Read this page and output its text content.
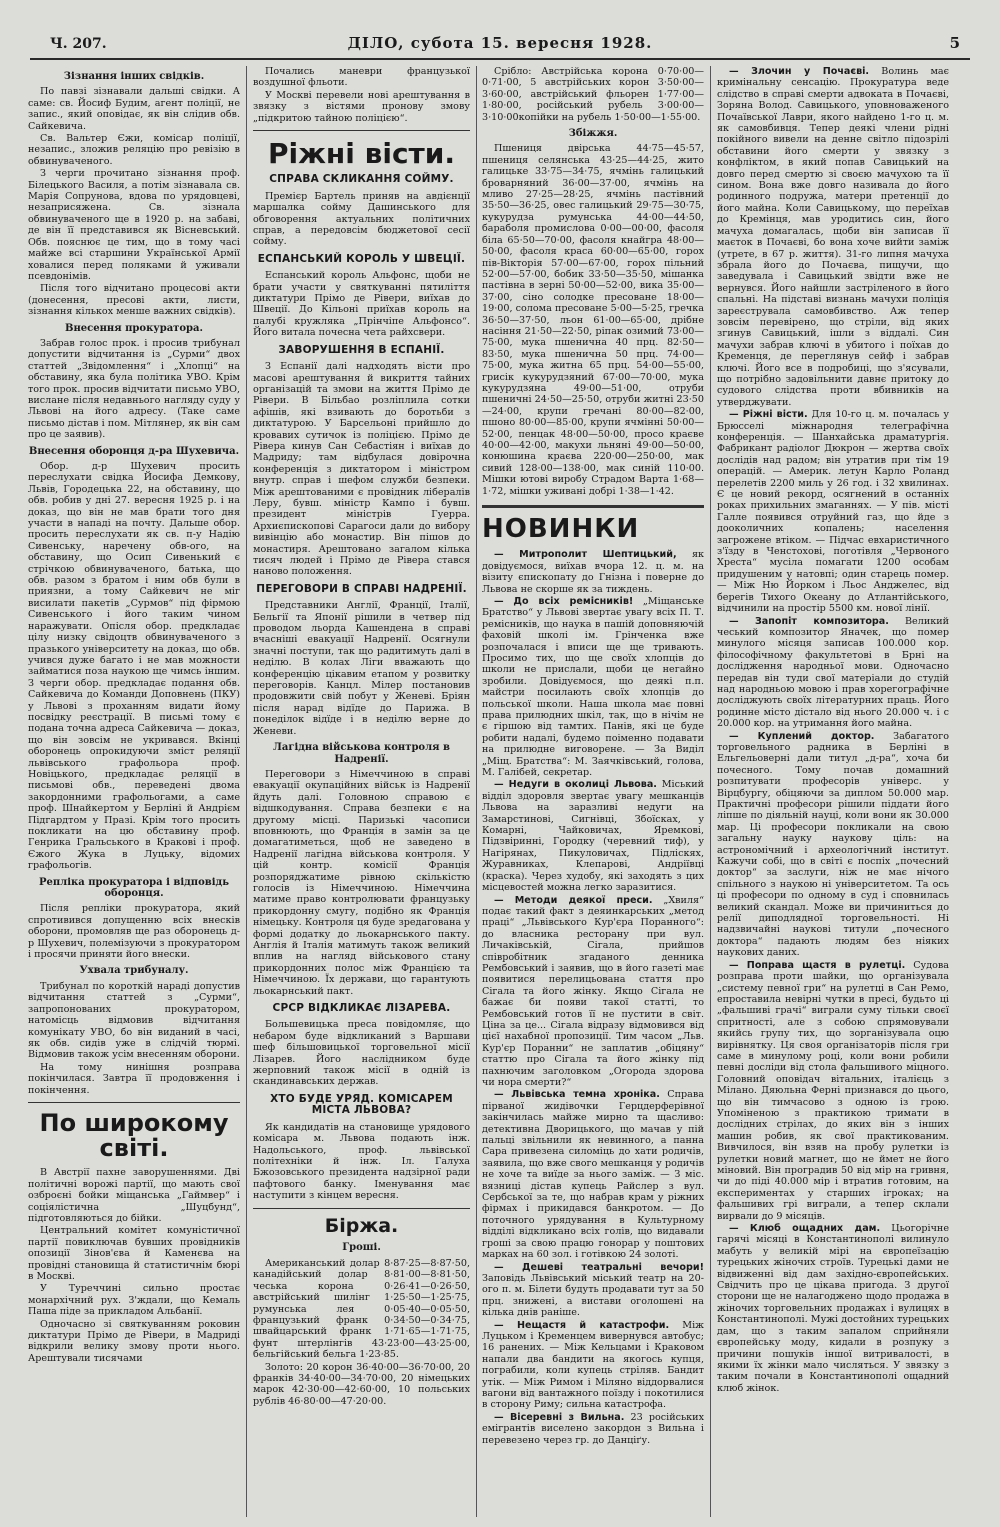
Ч. 207.	ДІЛО, субота 15. вересня 1928.	5
Зізнання інших свідків.

По павзі зізнавали дальші свідки. А саме: св. Йосиф Будим, агент поліції, не запис., який оповідає, як він слідив обв. Сайкевича.

Св. Вальтер Єжи, комісар поліції, незапис., зложив реляцію про ревізію в обвинуваченого.

З черги прочитано зізнання проф. Білецького Василя, а потім зізнавала св. Марія Сопрунова, вдова по урядовцеві, незаприсяжена. Св. зізнала обвинуваченого ще в 1920 р. на забаві, де він її представився як Вісневський. Обв. пояснює це тим, що в тому часі майже всі старшини Української Армії ховалися перед поляками й уживали псевдонімів.

Після того відчитано процесові акти (донесення, пресові акти, листи, зізнання кількох менше важних свідків).

Внесення прокуратора.

Забрав голос прок. і просив трибунал допустити відчитання із „Сурми“ двох статтей „Звідомлення“ і „Хлопці“ на обставину, яка була політика УВО. Крім того прок. просив відчитати письмо УВО, вислане після недавнього нагляду суду у Львові на його адресу. (Таке саме письмо дістав і пом. Мітлянер, як він сам про це заявив).

Внесення оборонця д-ра Шухевича.

Обор. д-р Шухевич просить переслухати свідка Йосифа Демкову, Львів, Городецька 22, на обставину, що обв. робив у дні 27. вересня 1925 р. і на доказ, що він не мав брати того дня участи в нападі на почту. Дальше обор. просить переслухати як св. п-у Надію Сивенську, наречену обв-ого, на обставину, що Осип Сивенький є стрічкою обвинуваченого, батька, що обв. разом з братом і ним обв були в приязни, а тому Сайкевич не міг висилати пакетів „Сурмов“ під фірмою Сивенського і його таким чином наражувати. Опісля обор. предкладає цілу низку свідоцтв обвинуваченого з празького університету на доказ, що обв. учився дуже багато і не мав можности займатися поза наукою ще чимсь іншим. З черги обор. предкладає подання обв. Сайкевича до Команди Доповнень (ПКУ) у Львові з проханням видати йому посвідку реєстрації. В письмі тому є подана точна адреса Сайкевича — доказ, що він зовсім не укривався. Вкінці оборонець опрокидуючи зміст реляції львівського графольора проф. Новіцького, предкладає реляції в письмові обв., переведені двома закордонними графольогами, а саме проф. Шнайкертом у Берліні й Андрієм Підгардтом у Празі. Крім того просить покликати на цю обставину проф. Генрика Гральського в Кракові і проф. Єжого Жука в Луцьку, відомих графольогів.

Репліка прокуратора і відповідь оборонця.

Після репліки прокуратора, який спротивився допущенню всіх внесків оборони, промовляв ще раз оборонець д-р Шухевич, полемізуючи з прокуратором і просячи приняти його внески.

Ухвала трибуналу.

Трибунал по короткій нараді допустив відчитання статтей з „Сурми“, запропонованих прокуратором, натомісць відмовив відчитання комунікату УВО, бо він виданий в часі, як обв. сидів уже в слідчій тюрмі. Відмовив також усім внесенням оборони.

На тому нинішня розправа покінчилася. Завтра її продовження і покінчення.

По широкому світі.

В Австрії пахне заворушеннями. Дві політичні ворожі партії, що мають свої озброєні бойки міщанська „Гаймвер“ і соціялістична „Шуцбунд“, підготовляються до бійки.

Центральний комітет комуністичної партії повиключав бувших провідників опозиції Зінов'єва й Каменєва на провідні становища й статистичнім бюрі в Москві.

У Туреччині сильно простає монархічний рух. З'ждали, що Кемаль Паша піде за прикладом Альбанії.

Одночасно зі святкуванням роковин диктатури Прімо де Рівери, в Мадриді відкрили велику змову проти нього. Арештували тисячами

Почались маневри французької воздушної фльоти.

У Москві перевели нові арештування в звязку з вістями пронову змову „підкритою тайною поліцією“.

Ріжні вісти.
СПРАВА СКЛИКАННЯ СОЙМУ.

Премієр Бартель приняв на авдієнції маршалка сойму Дашинського для обговорення актуальних політичних справ, а передовсім бюджетової сесії сойму.

ЕСПАНСЬКИЙ КОРОЛЬ У ШВЕЦІЇ.

Еспанський король Альфонс, щоби не брати участи у святкуванні пятиліття диктатури Прімо де Рівери, виїхав до Швеції. До Кільоні приїхав король на палубі кружляка „Прінчіпе Альфонсо“. Його витала почесна чета райхсвери.

ЗАВОРУШЕННЯ В ЕСПАНІЇ.

З Еспанії далі надходять вісти про масові арештування й викриття тайних організацій та змови на життя Прімо де Рівери. В Більбао розліплила сотки афішів, які взивають до боротьби з диктатурою. У Барсельоні прийшло до кровавих сутичок із поліцією. Прімо де Рівера кинув Сан Себастіян і виїхав до Мадриду; там відбулася довірочна конференція з диктатором і міністром внутр. справ і шефом служби безпеки. Між арештованими є провідник лібералів Леру, бувш. міністр Кампо і бувш. президент міністрів Гуерра. Архиєпископові Сарагоси дали до вибору вивінцію або монастир. Він пішов до монастиря. Арештовано загалом кілька тисяч людей і Прімо де Рівера стався наново положення.

ПЕРЕГОВОРИ В СПРАВІ НАДРЕНІЇ.

Представники Англії, Франції, Італії, Бельгії та Японії рішили в четвер під проводом льорда Кашендена в справі вчасніші евакуації Надренії. Осягнули значні поступи, так що радитимуть далі в неділю. В колах Ліги вважають що конференцію цікавим етапом у розвитку переговорів. Канцл. Мілер постановив продовжити свій побут у Женеві. Бріян після нарад відїде до Парижа. В понеділок відїде і в неділю верне до Женеви.

Лагідна військова контроля в Надренії.

Переговори з Німеччиною в справі евакуації окупаційних військ із Надренії йдуть далі. Головною справою є відшкодування. Справа безпеки є на другому місці. Паризькі часописи вповнюють, що Франція в замін за це домагатиметься, щоб не заведено в Надренії лагідна військова контроля. У цій контр. комісії Франція розпоряджатиме рівною скількістю голосів із Німеччиною. Німеччина матиме право контролювати французьку прикордонну смугу, подібно як Франція німецьку. Контроля ця буде зредагована у формі додатку до льокарнського пакту. Англія й Італія матимуть також великий вплив на нагляд військового стану прикордонних полос між Францією та Німеччиною. Їх держави, що гарантують льокарнський пакт.

СРСР ВІДКЛИКАЄ ЛІЗАРЕВА.

Большевицька преса повідомляє, що небаром буде відкликаний з Варшави шеф більшовицької торговельної місії Лізарев. Його наслідником буде жерповний також місії в одній із скандинавських держав.

ХТО БУДЕ УРЯД. КОМІСАРЕМ МІСТА ЛЬВОВА?

Як кандидатів на становище урядового комісара м. Львова подають інж. Надольського, проф. львівської політехніки й інж. Іл. Галуха Бжозовського президента надзірної ради пафтового банку. Іменування має наступити з кінцем вересня.

Біржа.
Гроші.

Американський долар 8·87·25—8·87·50, канадійський долар 8·81·00—8·81·50, чеська корона 0·26·41—0·26·50, австрійський шилінг 1·25·50—1·25·75, румунська лея 0·05·40—0·05·50, французький франк 0·34·50—0·34·75, швайцарський франк 1·71·65—1·71·75, фунт штерлінгів 43·23·00—43·25·00, бельгійський бельга 1·23·85.

Золото: 20 корон 36·40·00—36·70·00, 20 франків 34·40·00—34·70·00, 20 німецьких марок 42·30·00—42·60·00, 10 польських рублів 46·80·00—47·20·00.

Срібло: Австрійська корона 0·70·00—0·71·00, 5 австрійських корон 3·50·00—3·60·00, австрійський фльорен 1·77·00—1·80·00, російський рубель 3·00·00—3·10·00копійки на рубель 1·50·00—1·55·00.

Збіжжя.

Пшениця двірська 44·75—45·57, пшениця селянська 43·25—44·25, жито галицьке 33·75—34·75, ячмінь галицький броварняний 36·00—37·00, ячмінь на мливо 27·25—28·25, ячмінь пастівний 35·50—36·25, овес галицький 29·75—30·75, кукурудза румунська 44·00—44·50, бараболя промислова 0·00—00·00, фасоля біла 65·50—70·00, фасоля кнайгра 48·00—50·00, фасоля краса 60·00—65·00, горох пів-Вікторія 57·00—67·00, горох пільний 52·00—57·00, бобик 33·50—35·50, мішанка пастівна в зерні 50·00—52·00, вика 35·00—37·00, сіно солодке пресоване 18·00—19·00, солома пресоване 5·00—5·25, гречка 36·50—37·50, льон 61·00—65·00, дрібне насіння 21·50—22·50, ріпак озимий 73·00—75·00, мука пшенична 40 прц. 82·50—83·50, мука пшенична 50 прц. 74·00—75·00, мука житна 65 прц. 54·00—55·00, грисік кукурудзяний 67·00—70·00, мука кукурудзяна 49·00—51·00, отруби пшеничні 24·50—25·50, отруби житні 23·50—24·00, крупи гречані 80·00—82·00, пшоно 80·00—85·00, крупи ячмінні 50·00—52·00, пенцак 48·00—50·00, просо краєве 40·00—42·00, макухи льняні 49·00—50·00, конюшина краєва 220·00—250·00, мак сивий 128·00—138·00, мак синій 110·00. Мішки ютові виробу Страдом Варта 1·68—1·72, мішки уживані добрі 1·38—1·42.

НОВИНКИ

— Митрополит Шептицький, як довідуємося, виїхав вчора 12. ц. м. на візиту єпископату до Гнізна і поверне до Львова не скорше як за тиждень.

— До всіх ремісників! „Міщанське Братство“ у Львові звертає увагу всіх П. Т. ремісників, що наука в пашій доповняючій фаховій школі ім. Грінченка вже розпочалася і вписи ще ще тривають. Просимо тих, що ще своїх хлопців до школи не прислали, щоби це негайно зробили. Довідуємося, що деякі п.п. майстри посилають своїх хлопців до польської школи. Наша школа має повні права прилюдних шкіл, так, що в нічім не є гіршою від тамтих. Панів, які це буде робити надалі, будемо поіменно подавати на прилюдне виговорене. — За Виділ „Міщ. Братства“: М. Заячківський, голова, М. Галібей, секретар.

— Недуги в околиці Львова. Міський відділ здоровля звертає увагу мешканців Львова на заразливі недуги на Замарстинові, Сигнівці, Збоїсках, у Комарні, Чайковичах, Яремкові, Підзвіринні, Городку (черевний тиф), у Нагірянах, Пикуловичах, Підліскях, Журавниках, Клепарові, Андріївці (краска). Через худобу, які заходять з цих місцевостей можна легко заразитися.

— Методи деякої преси. „Хвиля“ подає такий факт з деяинкарських „метод праці“ „Львівського Кур'єра Поранного“: до власника ресторану при вул. Личаківській, Сігала, прийшов співробітник згаданого денника Рембовський і заявив, що в його газеті має появитися перелицьована стаття про Сігала та його жінку. Якщо Сігала не бажає би появи такої статті, то Рембовський готов її не пустити в світ. Ціна за це... Сігала відразу відмовився від цієї нахабної пропозиції. Тим часом „Льв. Кур'єр Поранни“ не заплатив „обіцяну“ статтю про Сігала та його жінку під пахнючим заголовком „Огорода здорова чи нора смерти?“

— Львівська темна хроніка. Справа пірваної жидівочки Герцдерферівної закінчилась майже мирно та щасливо: детективна Дворицького, що мачав у пій пальці звільнили як невинного, а панна Сара привезена силоміць до хати родичів, заявила, що вже свого мешканця у родичів не хоче та виїде за нього заміж. — З міс. вязниці дістав купець Райслер з вул. Сербської за те, що набрав крам у ріжних фірмах і прикидався банкротом. — До поточного урядування в Культурному відділі відкликано всіх голів, що видавали гроші за свою працю гонорар у поштових марках на 60 зол. і готівкою 24 золоті.

— Дешеві театральні вечори! Заповідь Львівський міський театр на 20-ого п. м. Білети будуть продавати тут за 50 прц. знижені, а вистави оголошені на кілька днів раніше.

— Нещастя й катастрофи. Між Луцьком і Кременцем вивернувся автобус; 16 ранених. — Між Кельцами і Краковом напали два бандити на якогось купця, пограбили, коли купець стріляв. Бандит утік. — Між Римом і Міляно віддорвалися вагони від вантажного поїзду і покотилися в сторону Риму; сильна катастрофа.

— Вісеревні з Вильна. 23 російських емігрантів виселено закордон з Вильна і перевезено через гр. до Данціґу.

— Злочин у Почаєві. Волинь має кримінальну сенсацію. Прокуратура веде слідство в справі смерти адвоката в Почаєві, Зоряна Волод. Савицького, уповноваженого Почаївської Лаври, якого найдено 1-го ц. м. як самовбивця. Тепер деякі члени рідні покійного вивели на денне світло підозрілі обставини його смерти у звязку з конфліктом, в який попав Савицький на довго перед смертю зі своєю мачухою та її сином. Вона вже довго називала до його родинного подружа, матери претенції до його майна. Коли Савицькому, що переїхав до Кремінця, мав уродитись син, його мачуха домагалась, щоби він записав її маєток в Почаєві, бо вона хоче вийти заміж (утрете, в 67 р. життя). 31-го липня мачуха збрала його до Почаєва, пищучи, що заведувала і Савицький звідти вже не вернувся. Його найшли застріленого в його спальні. На підставі визнань мачухи поліція зареєструвала самовбивство. Аж тепер зовсім перевірено, що стріли, від яких згинув Савицький, ішли з віддалі. Син мачухи забрав ключі в убитого і поїхав до Кременця, де переглянув сейф і забрав ключі. Його все в подробиці, що з'ясували, що потрібно задовільнити давнє притоку до судового слідства проти вбивників на утверджувати.

— Ріжні вісти. Для 10-го ц. м. почалась у Брюсселі міжнародня телеграфічна конференція. — Шанхайська драматургія. Фабрикант радіолог Дюкрон — жертва своїх дослідів над радом; він утратив при тім 19 операцій. — Америк. летун Карло Роланд перелетів 2200 миль у 26 год. і 32 хвилинах. Є це новий рекорд, осягнений в останніх роках прихильних змаганнях. — У пів. місті Галле появився отруйний газ, що йде з дооколичних копалень; населення загрожене втіком. — Підчас евхаристичного з'їзду в Ченстохові, поготівля „Червоного Хреста“ мусіла помагати 1200 особам придушеним у натовпі; один старець помер. — Між Ню Йорком і Льос Анджелес, від берегів Тихого Океану до Атлантійського, відчинили на простір 5500 км. нової лінії.

— Запопіт композитора. Великий чеський композитор Яначек, що помер минулого місяця записав 100.000 кор. філософічному факультетові в Брні на дослідження народньої мови. Одночасно передав він туди свої матеріали до студій над народньою мовою і прав хорегографічне досліджують своїх літературних праць. Його родинне місто дістало від нього 20.000 ч. і с 20.000 кор. на утримання його майна.

— Куплений доктор. Забагатого торговельного радника в Берліні в Ельгельоверні дали титул „д-ра“, хоча би почесного. Тому почав домашний розпитувати професорів універс. у Вірцбургу, обіцяючи за диплом 50.000 мар. Практичні професори рішили піддати його ліпше по діяльній науці, коли вони як 30.000 мар. Ці професори покликали на свою загальну науку наукову ціль: на астрономічний і археологічний інститут. Кажучи собі, що в світі є поспіх „почесний доктор“ за заслуги, ніж не має нічого спільного з наукою ні університетом. Та ось ці професори по одному в суд і сповнилась великий скандал. Може ви причиниться до релії диподлядної торговельності. Ні надзвичайні наукові титули „почесного доктора“ падають людям без ніяких наукових даних.

— Поправа щастя в рулетці. Судова розправа проти шайки, що організувала „систему певної гри“ на рулетці в Сан Ремо, епроставила невірні чутки в пресі, будьто ці „фальшиві грачі“ виграли суму тільки своєї спритності, але з собою спрямовували якийсь групу тих, що зорганізувала оцю вирівнятку. Ця своя організаторів після гри саме в минулому році, коли вони робили певні досліди від стола фальшивого міцного. Головний оповідач вітальних, італієць з Мілано. Дяюльна Ферні признався до цього, що він тимчасово з одною із грою. Упоміненою з практикою тримати в дослідних стрілах, до яких він з інших машин робив, як свої практикованим. Вивчилося, він взяв на пробу рулетки із рулетки новий магнет, що не ймет не його міновий. Він проградив 50 від мір на гривня, чи до піді 40.000 мір і втратив готовим, на експериментах у старших ігроках; на фальшивих грі виграли, а тепер склали вирвали до 9 місяців.

— Клюб ощадних дам. Цьогорічне гарячі місяці в Константинополі вилинуло мабуть у великій мірі на європеїзацію турецьких жіночих строїв. Турецькі дами не відвиженні від дам західно-європейських. Свідчить про це цікава пригода. З другої сторони ще не налагоджено щодо продажа в жіночих торговельних продажах і вулицях в Константинополі. Мужі достойних турецьких дам, що з таким запалом сприйняли європейську моду, кидали в розпуку з причини пошуків іншої витривалості, в якими їх жінки мало числяться. У звязку з таким почали в Константинополі ощадний клюб жінок.
